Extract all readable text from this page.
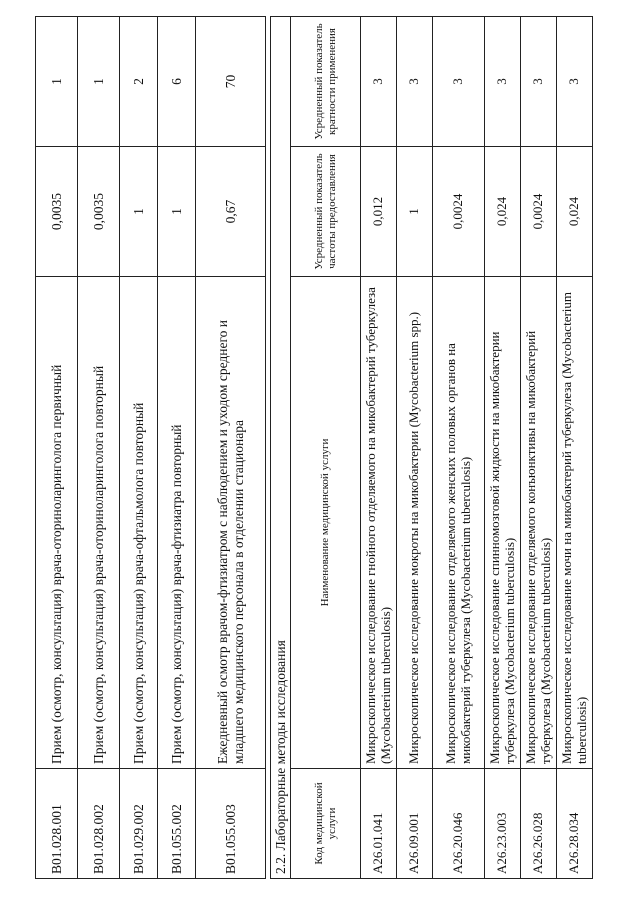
B01.028.001	Прием (осмотр, консультация) врача-оториноларинголога первичный	0,0035	1
B01.028.002	Прием (осмотр, консультация) врача-оториноларинголога повторный	0,0035	1
B01.029.002	Прием (осмотр, консультация) врача-офтальмолога повторный	1	2
B01.055.002	Прием (осмотр, консультация) врача-фтизиатра повторный	1	6
B01.055.003	Ежедневный осмотр врачом-фтизиатром с наблюдением и уходом среднего и младшего медицинского персонала в отделении стационара	0,67	70
2.2. Лабораторные методы исследования			
Код медицинской услуги	Наименование медицинской услуги	Усредненный показатель частоты предоставления	Усредненный показатель кратности применения
A26.01.041	Микроскопическое исследование гнойного отделяемого на микобактерий туберкулеза (Mycobacterium tuberculosis)	0,012	3
A26.09.001	Микроскопическое исследование мокроты на микобактерии (Mycobacterium spp.)	1	3
A26.20.046	Микроскопическое исследование отделяемого женских половых органов на микобактерий туберкулеза (Mycobacterium tuberculosis)	0,0024	3
A26.23.003	Микроскопическое исследование спинномозговой жидкости на микобактерии туберкулеза (Mycobacterium tuberculosis)	0,024	3
A26.26.028	Микроскопическое исследование отделяемого конъюнктивы на микобактерий туберкулеза (Mycobacterium tuberculosis)	0,0024	3
A26.28.034	Микроскопическое исследование мочи на микобактерий туберкулеза (Mycobacterium tuberculosis)	0,024	3
